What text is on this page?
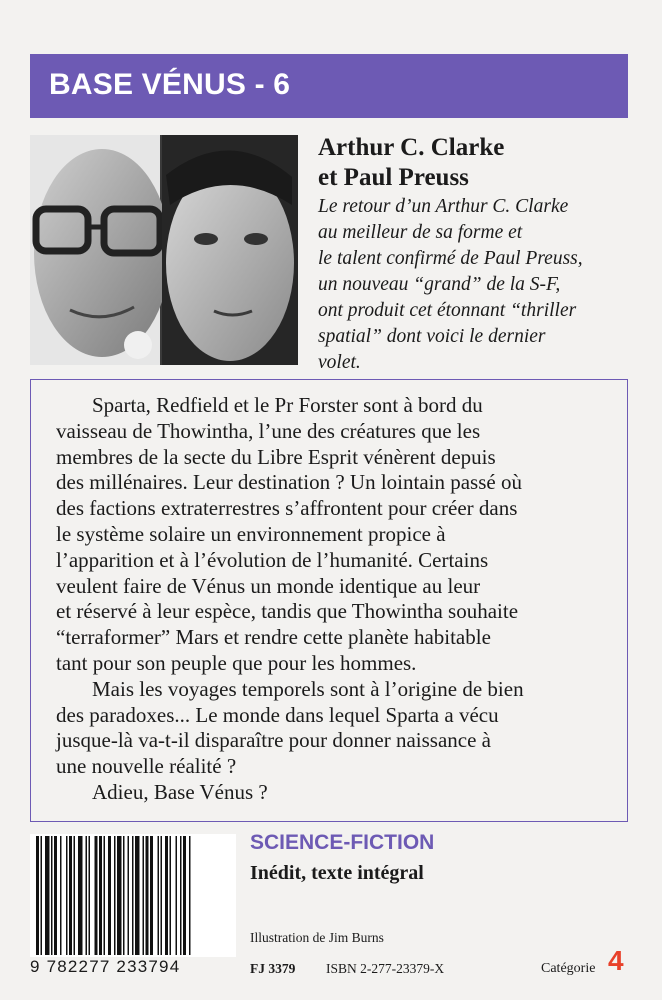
BASE VÉNUS - 6
Arthur C. Clarke
et Paul Preuss
Le retour d’un Arthur C. Clarke
au meilleur de sa forme et
le talent confirmé de Paul Preuss,
un nouveau “grand” de la S-F,
ont produit cet étonnant “thriller
spatial” dont voici le dernier
volet.
Sparta, Redfield et le Pr Forster sont à bord du
vaisseau de Thowintha, l’une des créatures que les
membres de la secte du Libre Esprit vénèrent depuis
des millénaires. Leur destination ? Un lointain passé où
des factions extraterrestres s’affrontent pour créer dans
le système solaire un environnement propice à
l’apparition et à l’évolution de l’humanité. Certains
veulent faire de Vénus un monde identique au leur
et réservé à leur espèce, tandis que Thowintha souhaite
“terraformer” Mars et rendre cette planète habitable
tant pour son peuple que pour les hommes.
Mais les voyages temporels sont à l’origine de bien
des paradoxes... Le monde dans lequel Sparta a vécu
jusque-là va-t-il disparaître pour donner naissance à
une nouvelle réalité ?
Adieu, Base Vénus ?
9 782277 233794
SCIENCE-FICTION
Inédit, texte intégral
Illustration de Jim Burns
FJ 3379 ISBN 2-277-23379-X	Catégorie 4
